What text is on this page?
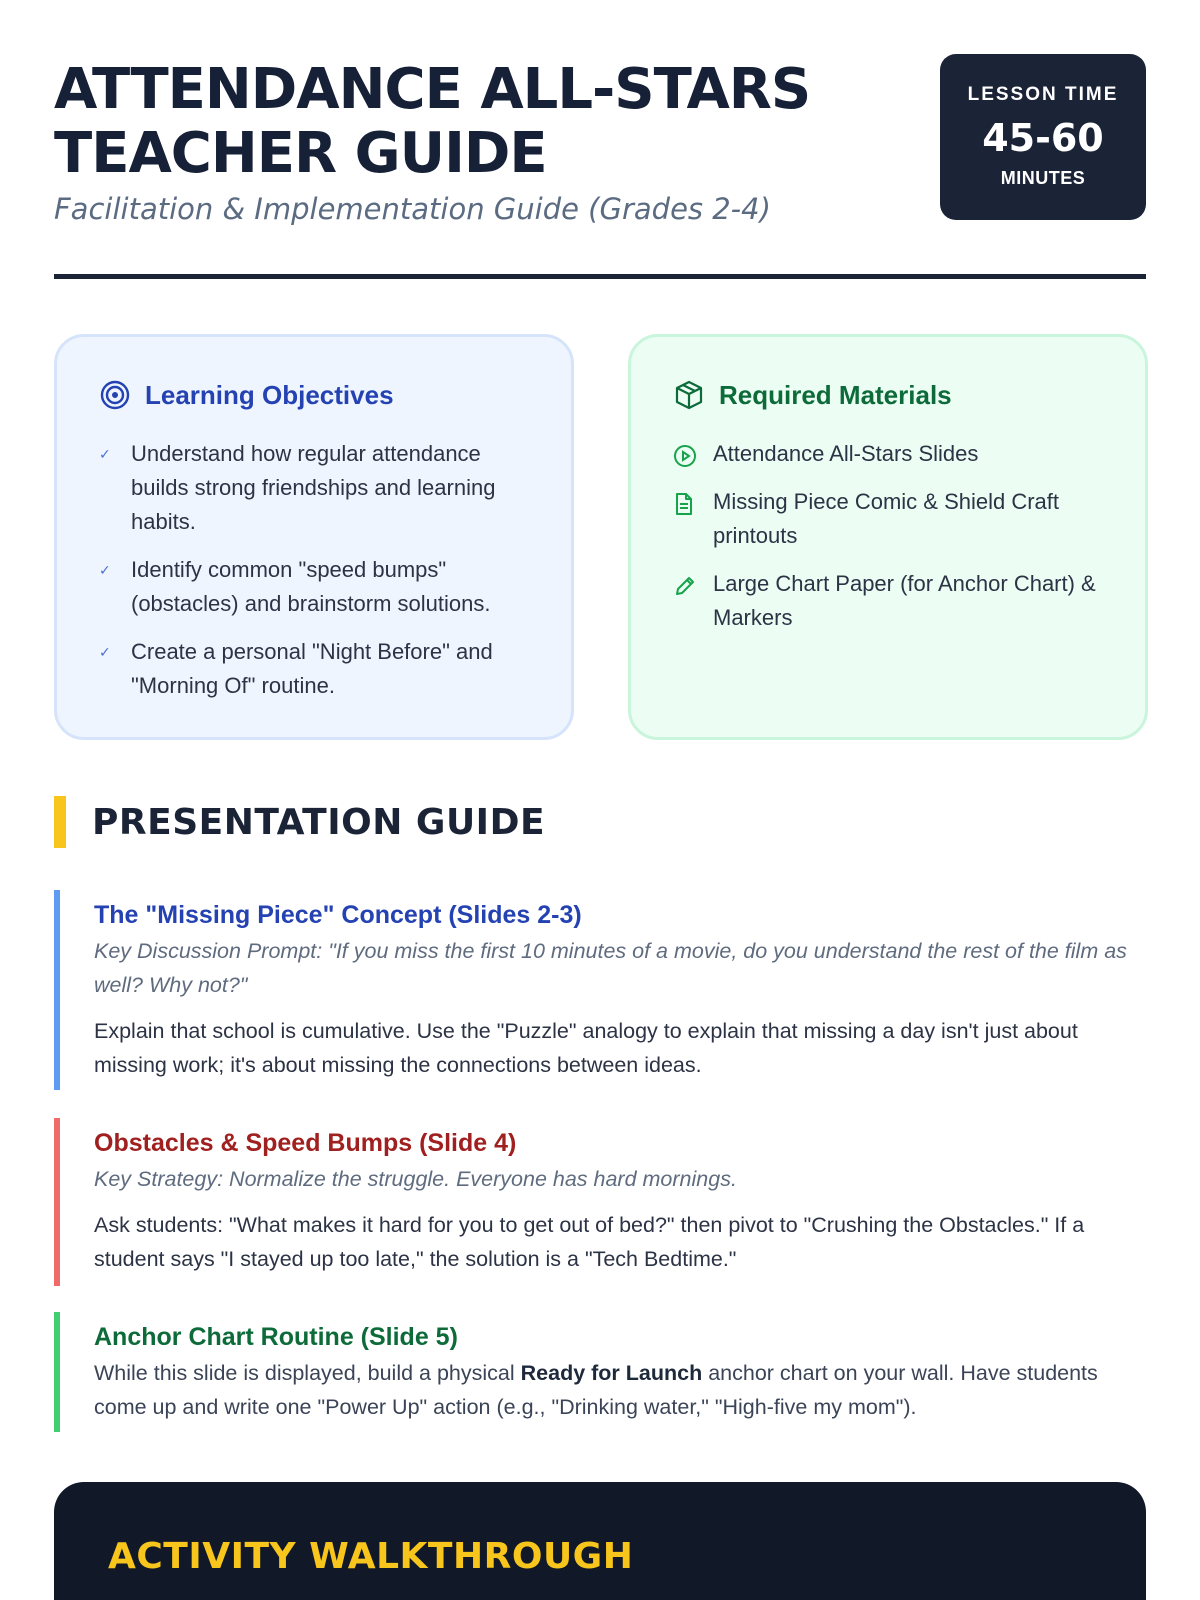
ATTENDANCE ALL-STARS TEACHER GUIDE
Facilitation & Implementation Guide (Grades 2-4)
LESSON TIME
45-60
MINUTES
Learning Objectives
✓ Understand how regular attendance builds strong friendships and learning habits.
✓ Identify common "speed bumps" (obstacles) and brainstorm solutions.
✓ Create a personal "Night Before" and "Morning Of" routine.
Required Materials
Attendance All-Stars Slides
Missing Piece Comic & Shield Craft printouts
Large Chart Paper (for Anchor Chart) & Markers
PRESENTATION GUIDE
The "Missing Piece" Concept (Slides 2-3)
Key Discussion Prompt: "If you miss the first 10 minutes of a movie, do you understand the rest of the film as well? Why not?"
Explain that school is cumulative. Use the "Puzzle" analogy to explain that missing a day isn't just about missing work; it's about missing the connections between ideas.
Obstacles & Speed Bumps (Slide 4)
Key Strategy: Normalize the struggle. Everyone has hard mornings.
Ask students: "What makes it hard for you to get out of bed?" then pivot to "Crushing the Obstacles." If a student says "I stayed up too late," the solution is a "Tech Bedtime."
Anchor Chart Routine (Slide 5)
While this slide is displayed, build a physical Ready for Launch anchor chart on your wall. Have students come up and write one "Power Up" action (e.g., "Drinking water," "High-five my mom").
ACTIVITY WALKTHROUGH
